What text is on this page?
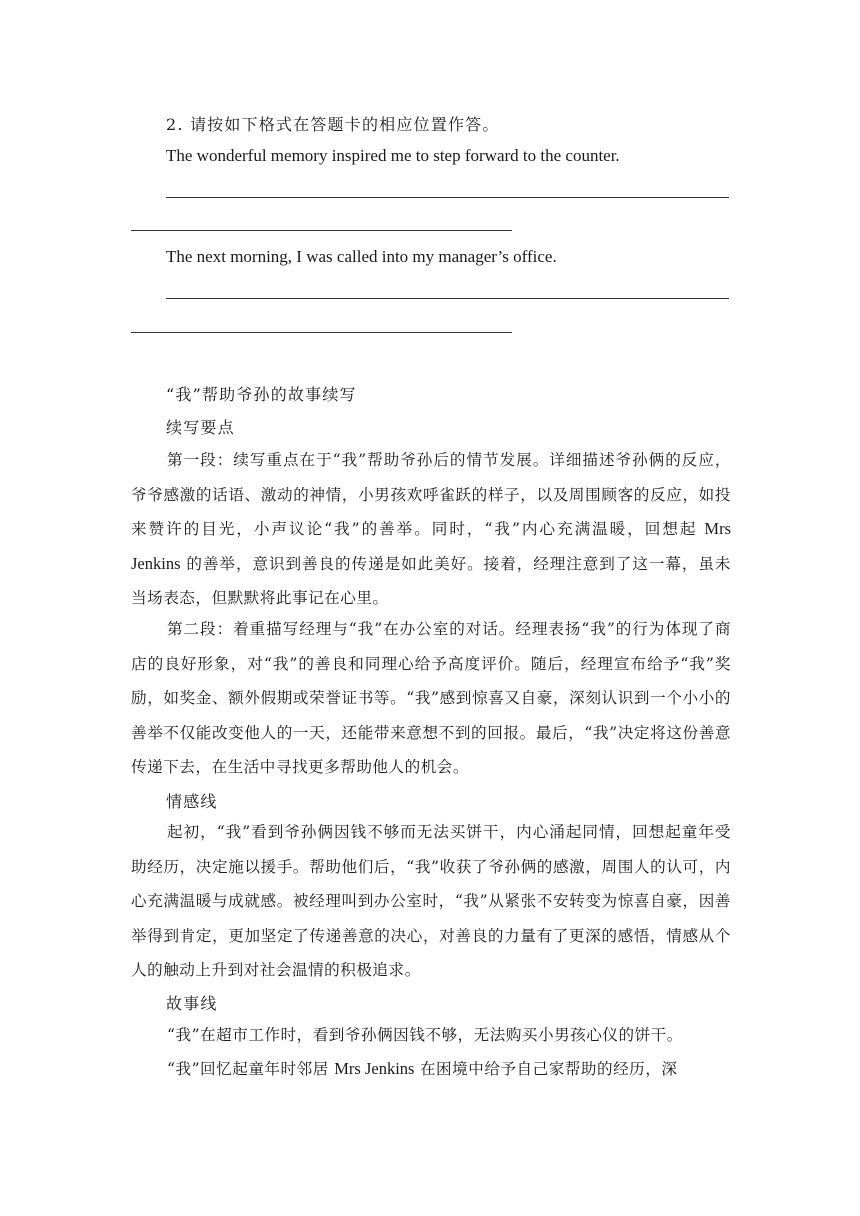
2. 请按如下格式在答题卡的相应位置作答。
The wonderful memory inspired me to step forward to the counter.
The next morning, I was called into my manager’s office.
“我”帮助爷孙的故事续写
续写要点
第一段：续写重点在于“我”帮助爷孙后的情节发展。详细描述爷孙俩的反应，爷爷感激的话语、激动的神情，小男孩欢呼雀跃的样子，以及周围顾客的反应，如投来赞许的目光，小声议论“我”的善举。同时，“我”内心充满温暖，回想起 Mrs Jenkins 的善举，意识到善良的传递是如此美好。接着，经理注意到了这一幕，虽未当场表态，但默默将此事记在心里。
第二段：着重描写经理与“我”在办公室的对话。经理表扬“我”的行为体现了商店的良好形象，对“我”的善良和同理心给予高度评价。随后，经理宣布给予“我”奖励，如奖金、额外假期或荣誉证书等。“我”感到惊喜又自豪，深刻认识到一个小小的善举不仅能改变他人的一天，还能带来意想不到的回报。最后，“我”决定将这份善意传递下去，在生活中寻找更多帮助他人的机会。
情感线
起初，“我”看到爷孙俩因钱不够而无法买饼干，内心涌起同情，回想起童年受助经历，决定施以援手。帮助他们后，“我”收获了爷孙俩的感激，周围人的认可，内心充满温暖与成就感。被经理叫到办公室时，“我”从紧张不安转变为惊喜自豪，因善举得到肯定，更加坚定了传递善意的决心，对善良的力量有了更深的感悟，情感从个人的触动上升到对社会温情的积极追求。
故事线
“我”在超市工作时，看到爷孙俩因钱不够，无法购买小男孩心仪的饼干。
“我”回忆起童年时邻居 Mrs Jenkins 在困境中给予自己家帮助的经历，深
